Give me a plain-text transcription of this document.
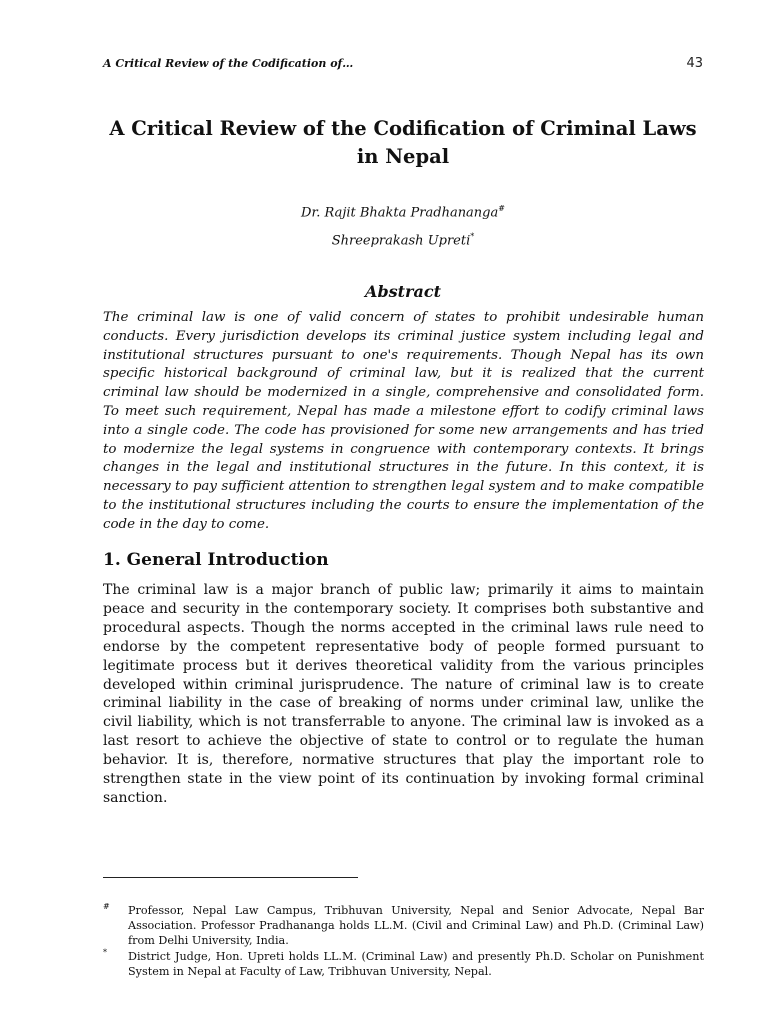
A Critical Review of the Codification of…	43
A Critical Review of the Codification of Criminal Laws in Nepal
Dr. Rajit Bhakta Pradhananga#
Shreeprakash Upreti*
Abstract
The criminal law is one of valid concern of states to prohibit undesirable human conducts. Every jurisdiction develops its criminal justice system including legal and institutional structures pursuant to one's requirements. Though Nepal has its own specific historical background of criminal law, but it is realized that the current criminal law should be modernized in a single, comprehensive and consolidated form. To meet such requirement, Nepal has made a milestone effort to codify criminal laws into a single code. The code has provisioned for some new arrangements and has tried to modernize the legal systems in congruence with contemporary contexts. It brings changes in the legal and institutional structures in the future. In this context, it is necessary to pay sufficient attention to strengthen legal system and to make compatible to the institutional structures including the courts to ensure the implementation of the code in the day to come.
1. General Introduction
The criminal law is a major branch of public law; primarily it aims to maintain peace and security in the contemporary society. It comprises both substantive and procedural aspects. Though the norms accepted in the criminal laws rule need to endorse by the competent representative body of people formed pursuant to legitimate process but it derives theoretical validity from the various principles developed within criminal jurisprudence. The nature of criminal law is to create criminal liability in the case of breaking of norms under criminal law, unlike the civil liability, which is not transferrable to anyone. The criminal law is invoked as a last resort to achieve the objective of state to control or to regulate the human behavior. It is, therefore, normative structures that play the important role to strengthen state in the view point of its continuation by invoking formal criminal sanction.
# Professor, Nepal Law Campus, Tribhuvan University, Nepal and Senior Advocate, Nepal Bar Association. Professor Pradhananga holds LL.M. (Civil and Criminal Law) and Ph.D. (Criminal Law) from Delhi University, India.
* District Judge, Hon. Upreti holds LL.M. (Criminal Law) and presently Ph.D. Scholar on Punishment System in Nepal at Faculty of Law, Tribhuvan University, Nepal.
